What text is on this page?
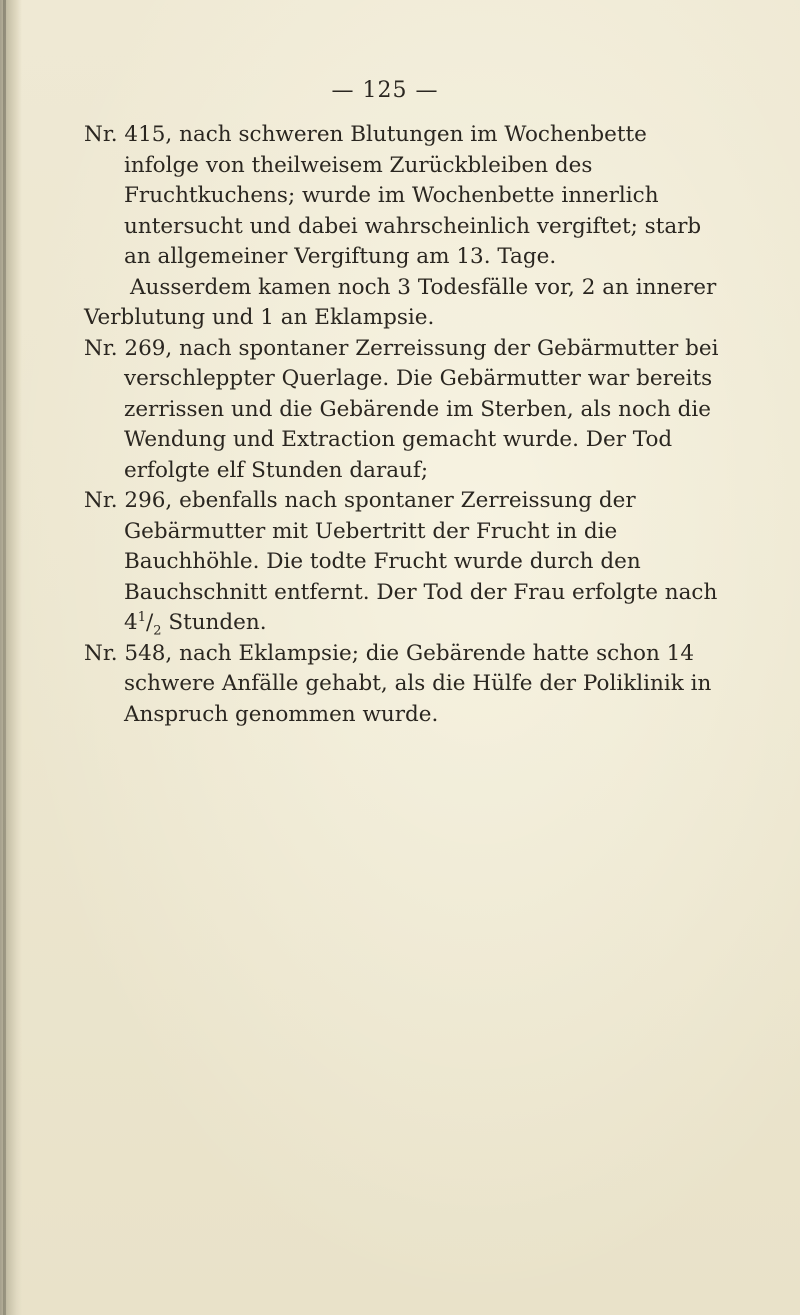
— 125 —

Nr. 415, nach schweren Blutungen im Wochenbette infolge von theilweisem Zurückbleiben des Fruchtkuchens; wurde im Wochenbette innerlich untersucht und dabei wahrscheinlich vergiftet; starb an allgemeiner Vergiftung am 13. Tage.

Ausserdem kamen noch 3 Todesfälle vor, 2 an innerer Verblutung und 1 an Eklampsie.

Nr. 269, nach spontaner Zerreissung der Gebärmutter bei verschleppter Querlage. Die Gebärmutter war bereits zerrissen und die Gebärende im Sterben, als noch die Wendung und Extraction gemacht wurde. Der Tod erfolgte elf Stunden darauf;

Nr. 296, ebenfalls nach spontaner Zerreissung der Gebärmutter mit Uebertritt der Frucht in die Bauchhöhle. Die todte Frucht wurde durch den Bauchschnitt entfernt. Der Tod der Frau erfolgte nach $4^1/_2$ Stunden.

Nr. 548, nach Eklampsie; die Gebärende hatte schon 14 schwere Anfälle gehabt, als die Hülfe der Poliklinik in Anspruch genommen wurde.
